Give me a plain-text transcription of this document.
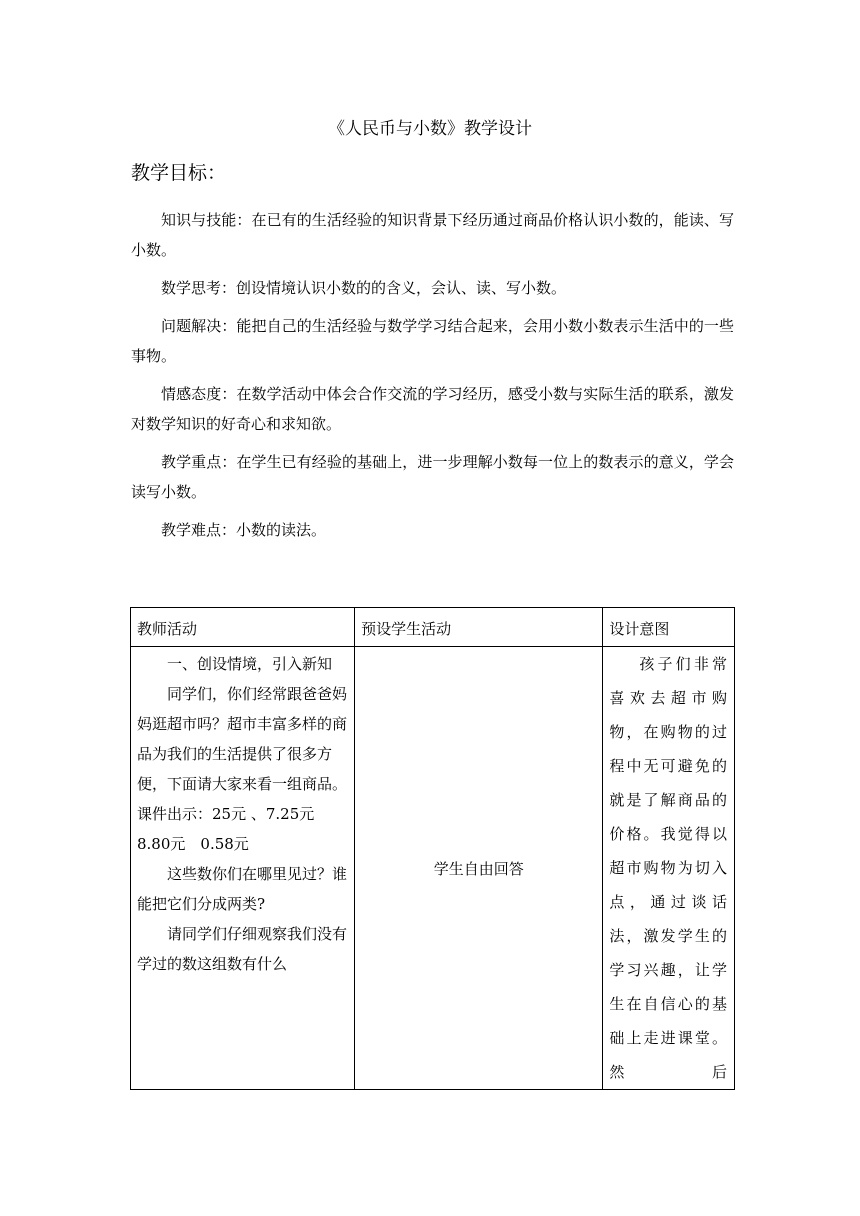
《人民币与小数》教学设计
教学目标：

知识与技能：在已有的生活经验的知识背景下经历通过商品价格认识小数的，能读、写小数。

数学思考：创设情境认识小数的的含义，会认、读、写小数。

问题解决：能把自己的生活经验与数学学习结合起来，会用小数小数表示生活中的一些事物。

情感态度：在数学活动中体会合作交流的学习经历，感受小数与实际生活的联系，激发对数学知识的好奇心和求知欲。

教学重点：在学生已有经验的基础上，进一步理解小数每一位上的数表示的意义，学会读写小数。

教学难点：小数的读法。

教师活动	预设学生活动	设计意图

一、创设情境，引入新知

同学们，你们经常跟爸爸妈妈逛超市吗？超市丰富多样的商品为我们的生活提供了很多方便，下面请大家来看一组商品。

课件出示：25元 、7.25元 8.80元　0.58元

这些数你们在哪里见过？谁能把它们分成两类?

请同学们仔细观察我们没有学过的数这组数有什么	学生自由回答	孩子们非常喜欢去超市购物，在购物的过程中无可避免的就是了解商品的价格。我觉得以超市购物为切入点，通过谈话法，激发学生的学习兴趣，让学生在自信心的基础上走进课堂。然后
